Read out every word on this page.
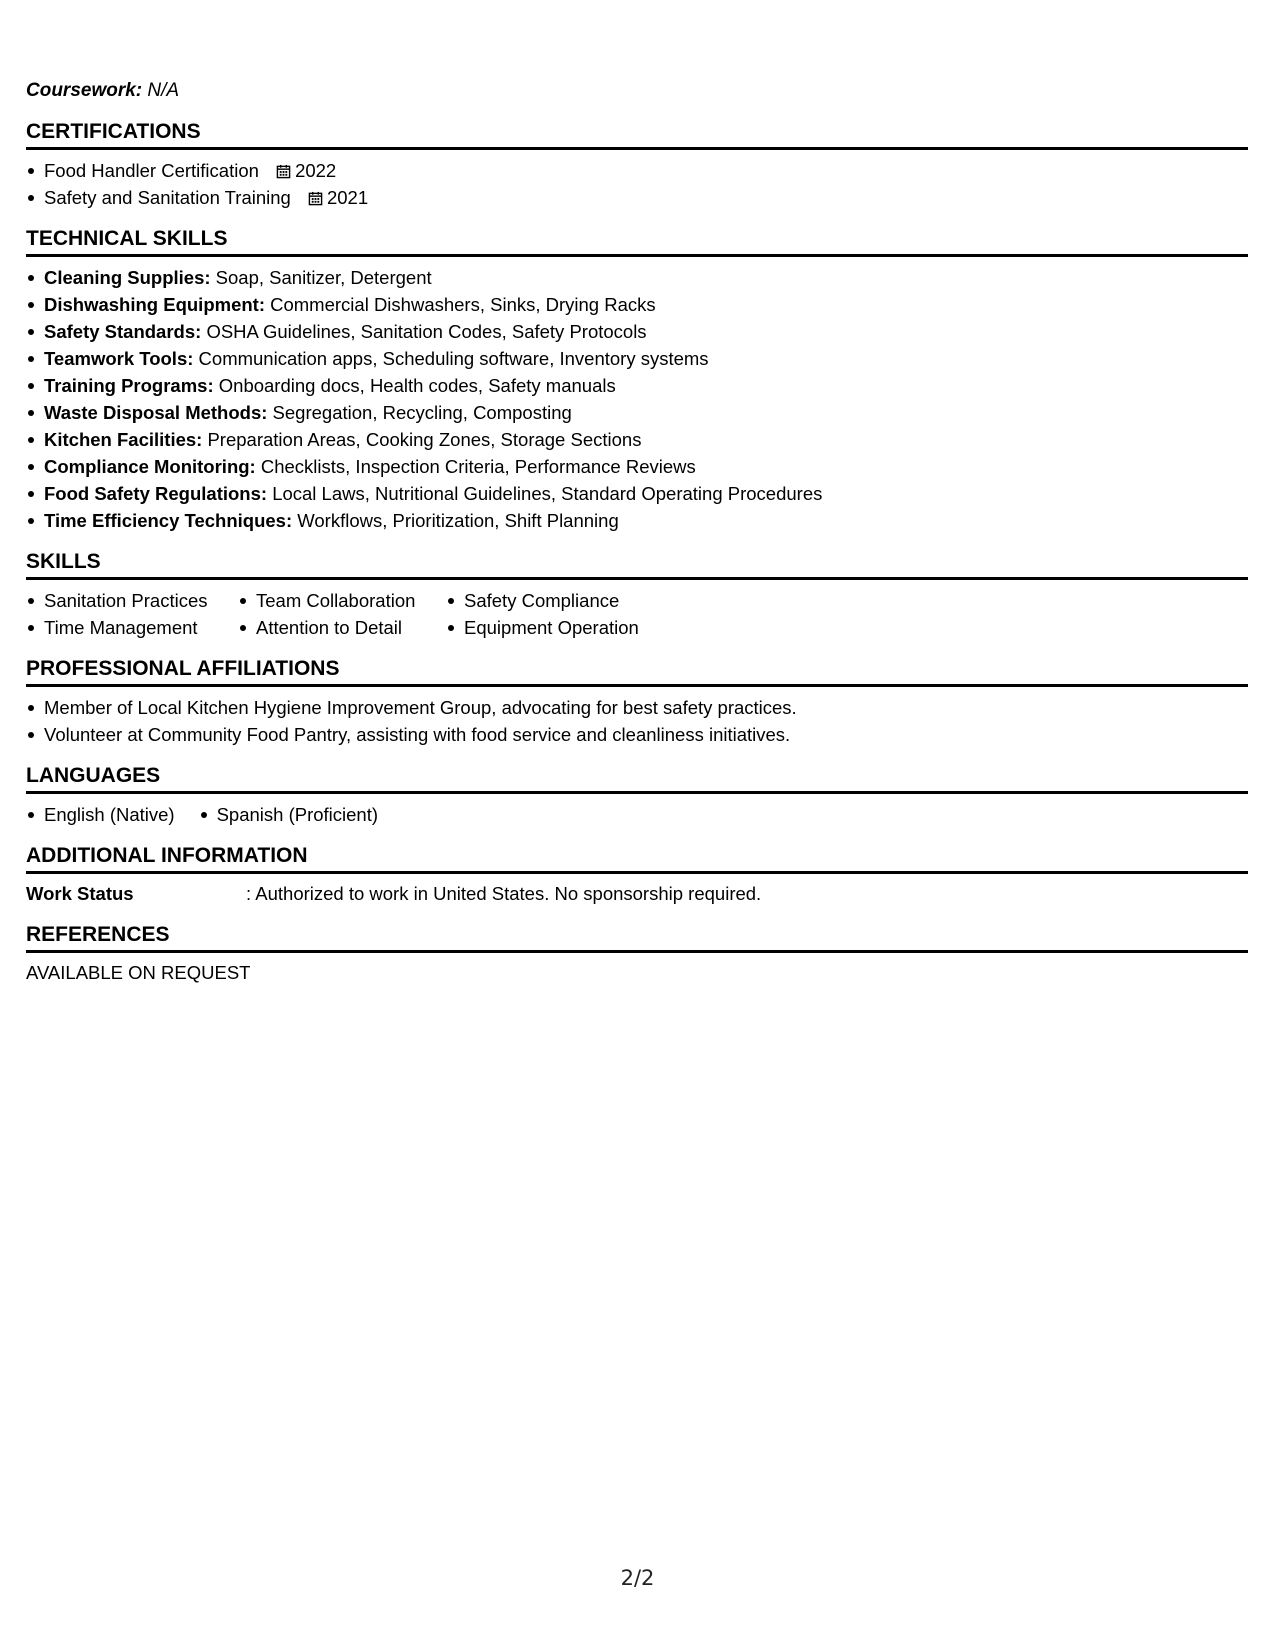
Coursework: N/A
CERTIFICATIONS
Food Handler Certification 2022
Safety and Sanitation Training 2021
TECHNICAL SKILLS
Cleaning Supplies: Soap, Sanitizer, Detergent
Dishwashing Equipment: Commercial Dishwashers, Sinks, Drying Racks
Safety Standards: OSHA Guidelines, Sanitation Codes, Safety Protocols
Teamwork Tools: Communication apps, Scheduling software, Inventory systems
Training Programs: Onboarding docs, Health codes, Safety manuals
Waste Disposal Methods: Segregation, Recycling, Composting
Kitchen Facilities: Preparation Areas, Cooking Zones, Storage Sections
Compliance Monitoring: Checklists, Inspection Criteria, Performance Reviews
Food Safety Regulations: Local Laws, Nutritional Guidelines, Standard Operating Procedures
Time Efficiency Techniques: Workflows, Prioritization, Shift Planning
SKILLS
Sanitation Practices	Team Collaboration	Safety Compliance
Time Management	Attention to Detail	Equipment Operation
PROFESSIONAL AFFILIATIONS
Member of Local Kitchen Hygiene Improvement Group, advocating for best safety practices.
Volunteer at Community Food Pantry, assisting with food service and cleanliness initiatives.
LANGUAGES
English (Native)	Spanish (Proficient)
ADDITIONAL INFORMATION
Work Status	: Authorized to work in United States. No sponsorship required.
REFERENCES
AVAILABLE ON REQUEST
2/2
